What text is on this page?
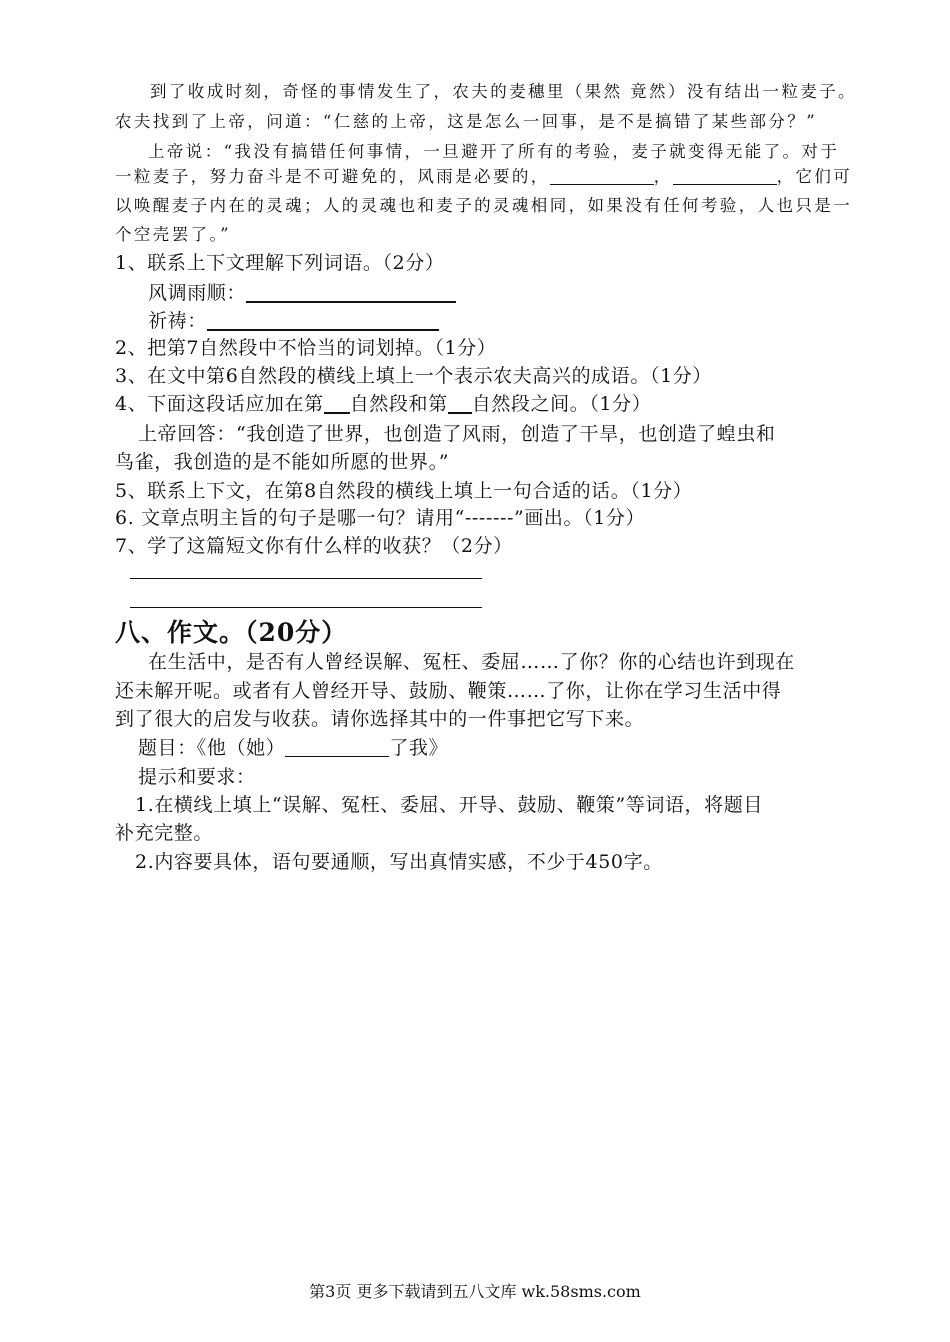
到了收成时刻，奇怪的事情发生了，农夫的麦穗里（果然 竟然）没有结出一粒麦子。
农夫找到了上帝，问道：“仁慈的上帝，这是怎么一回事，是不是搞错了某些部分？”
上帝说：“我没有搞错任何事情，一旦避开了所有的考验，麦子就变得无能了。对于
一粒麦子，努力奋斗是不可避免的，风雨是必要的，	，	，它们可
以唤醒麦子内在的灵魂；人的灵魂也和麦子的灵魂相同，如果没有任何考验，人也只是一
个空壳罢了。”
1、联系上下文理解下列词语。（2分）
风调雨顺：
祈祷：
2、把第7自然段中不恰当的词划掉。（1分）
3、在文中第6自然段的横线上填上一个表示农夫高兴的成语。（1分）
4、下面这段话应加在第 自然段和第 自然段之间。（1分）
上帝回答：“我创造了世界，也创造了风雨，创造了干旱，也创造了蝗虫和
鸟雀，我创造的是不能如所愿的世界。”
5、联系上下文，在第8自然段的横线上填上一句合适的话。（1分）
6. 文章点明主旨的句子是哪一句？请用“-------”画出。（1分）
7、学了这篇短文你有什么样的收获？（2分）
八、作文。（20分）
在生活中，是否有人曾经误解、冤枉、委屈……了你？你的心结也许到现在
还未解开呢。或者有人曾经开导、鼓励、鞭策……了你，让你在学习生活中得
到了很大的启发与收获。请你选择其中的一件事把它写下来。
题目：《他（她）	了我》
提示和要求：
1.在横线上填上“误解、冤枉、委屈、开导、鼓励、鞭策”等词语，将题目
补充完整。
2.内容要具体，语句要通顺，写出真情实感，不少于450字。
第3页 更多下载请到五八文库 wk.58sms.com
